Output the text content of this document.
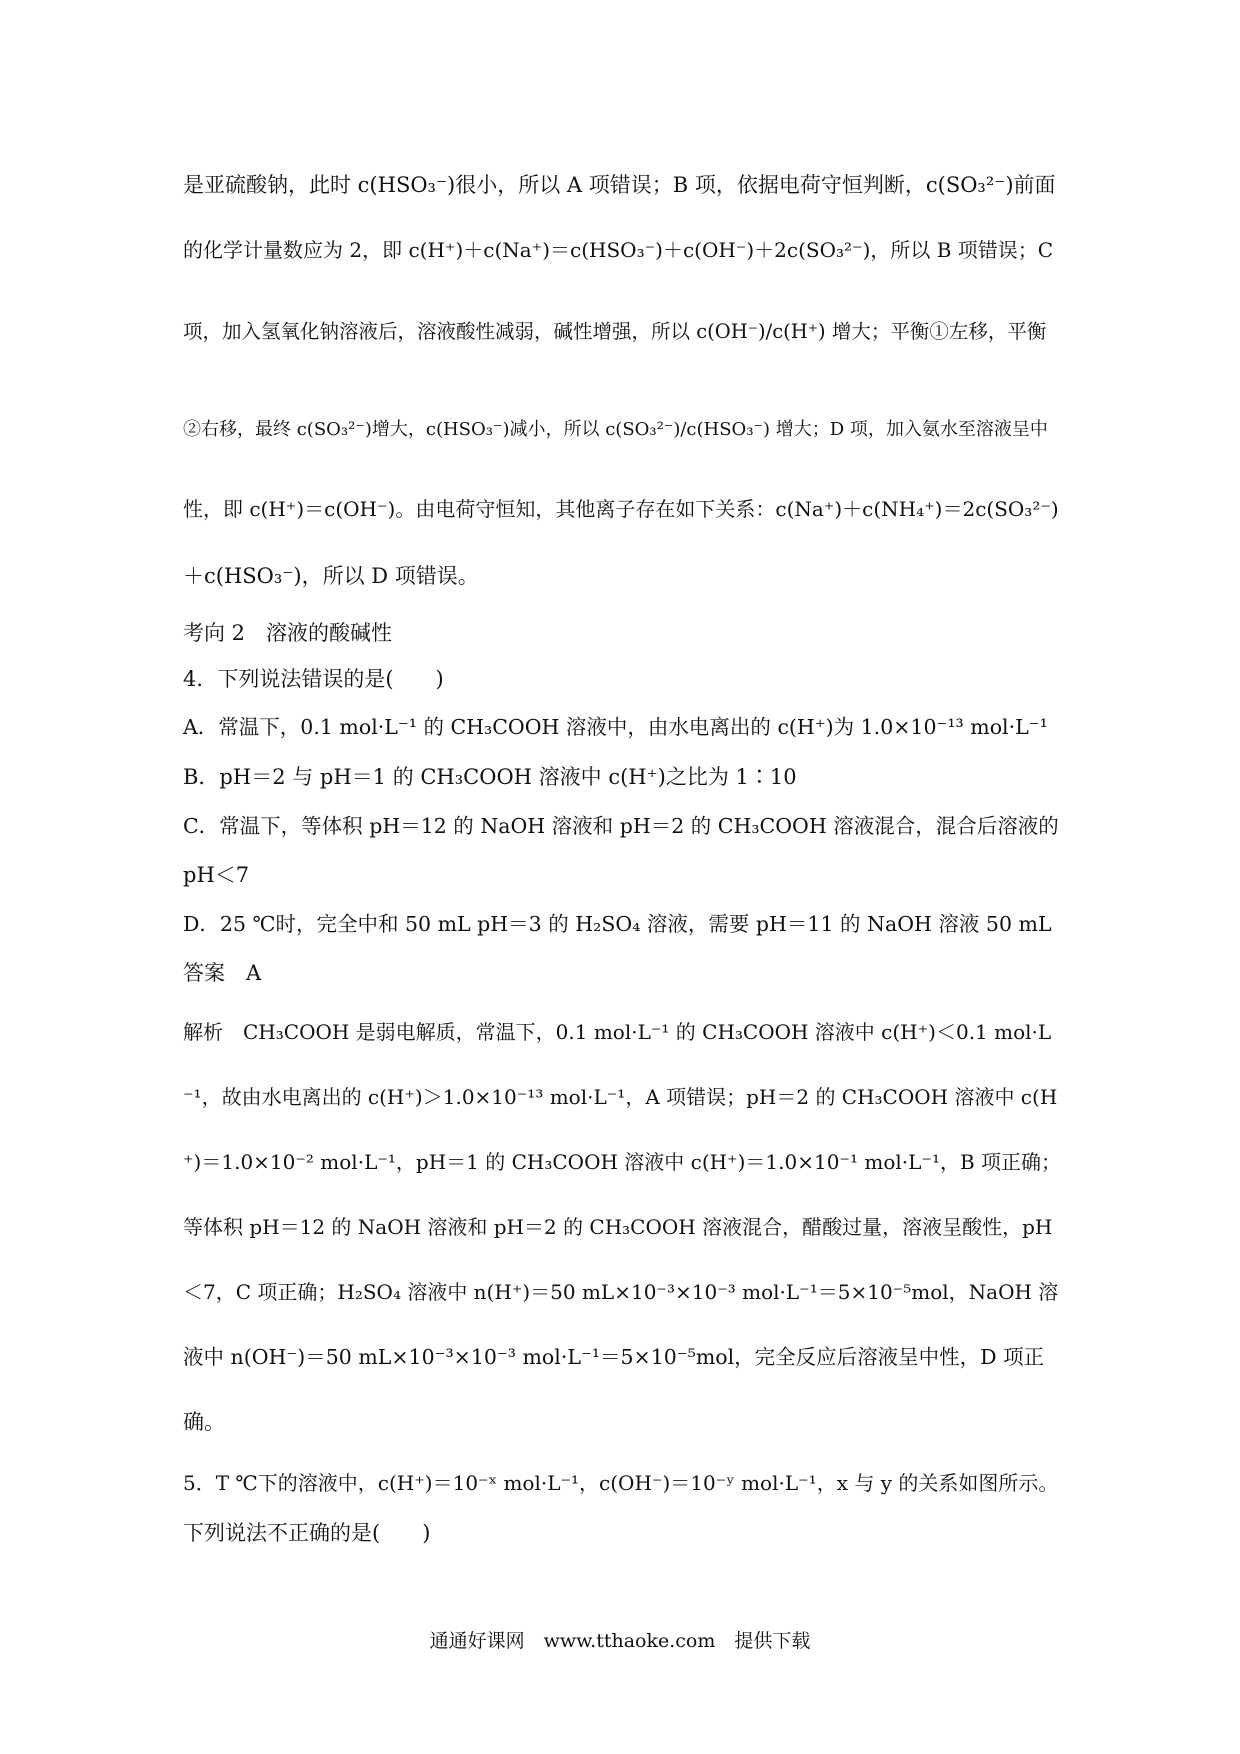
是亚硫酸钠，此时 c(HSO₃⁻)很小，所以 A 项错误；B 项，依据电荷守恒判断，c(SO₃²⁻)前面
的化学计量数应为 2，即 c(H⁺)＋c(Na⁺)＝c(HSO₃⁻)＋c(OH⁻)＋2c(SO₃²⁻)，所以 B 项错误；C
项，加入氢氧化钠溶液后，溶液酸性减弱，碱性增强，所以 c(OH⁻)/c(H⁺) 增大；平衡①左移，平衡
②右移，最终 c(SO₃²⁻)增大，c(HSO₃⁻)减小，所以 c(SO₃²⁻)/c(HSO₃⁻) 增大；D 项，加入氨水至溶液呈中
性，即 c(H⁺)＝c(OH⁻)。由电荷守恒知，其他离子存在如下关系：c(Na⁺)＋c(NH₄⁺)＝2c(SO₃²⁻)
＋c(HSO₃⁻)，所以 D 项错误。
考向 2　溶液的酸碱性
4．下列说法错误的是(　　)
A．常温下，0.1 mol·L⁻¹ 的 CH₃COOH 溶液中，由水电离出的 c(H⁺)为 1.0×10⁻¹³ mol·L⁻¹
B．pH＝2 与 pH＝1 的 CH₃COOH 溶液中 c(H⁺)之比为 1∶10
C．常温下，等体积 pH＝12 的 NaOH 溶液和 pH＝2 的 CH₃COOH 溶液混合，混合后溶液的
pH＜7
D．25 ℃时，完全中和 50 mL pH＝3 的 H₂SO₄ 溶液，需要 pH＝11 的 NaOH 溶液 50 mL
答案　A
解析　CH₃COOH 是弱电解质，常温下，0.1 mol·L⁻¹ 的 CH₃COOH 溶液中 c(H⁺)＜0.1 mol·L
⁻¹，故由水电离出的 c(H⁺)＞1.0×10⁻¹³ mol·L⁻¹，A 项错误；pH＝2 的 CH₃COOH 溶液中 c(H
⁺)＝1.0×10⁻² mol·L⁻¹，pH＝1 的 CH₃COOH 溶液中 c(H⁺)＝1.0×10⁻¹ mol·L⁻¹，B 项正确；
等体积 pH＝12 的 NaOH 溶液和 pH＝2 的 CH₃COOH 溶液混合，醋酸过量，溶液呈酸性，pH
＜7，C 项正确；H₂SO₄ 溶液中 n(H⁺)＝50 mL×10⁻³×10⁻³ mol·L⁻¹＝5×10⁻⁵mol，NaOH 溶
液中 n(OH⁻)＝50 mL×10⁻³×10⁻³ mol·L⁻¹＝5×10⁻⁵mol，完全反应后溶液呈中性，D 项正
确。
5．T ℃下的溶液中，c(H⁺)＝10⁻ˣ mol·L⁻¹，c(OH⁻)＝10⁻ʸ mol·L⁻¹，x 与 y 的关系如图所示。
下列说法不正确的是(　　)
通通好课网　www.tthaoke.com　提供下载
